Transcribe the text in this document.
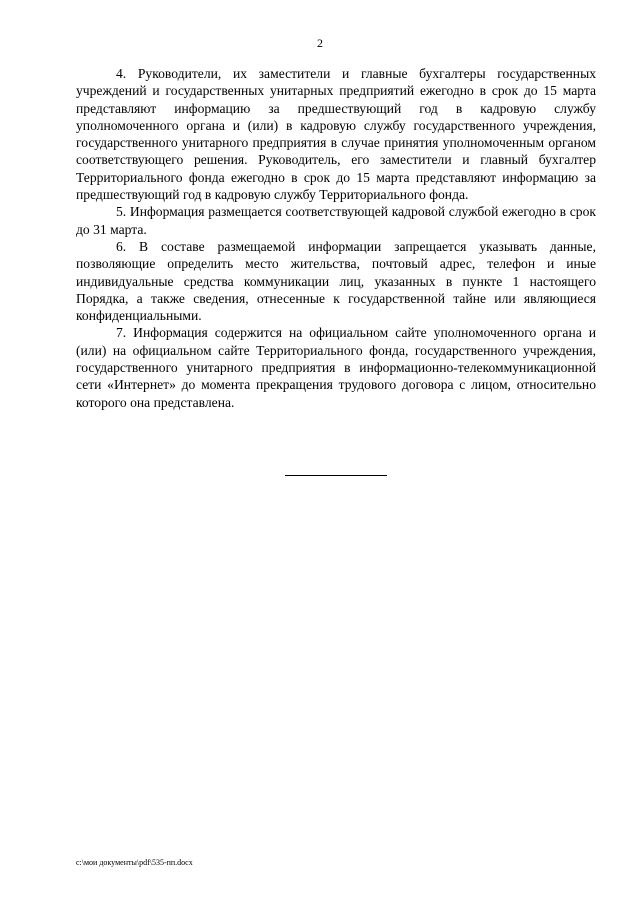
2

4. Руководители, их заместители и главные бухгалтеры государственных учреждений и государственных унитарных предприятий ежегодно в срок до 15 марта представляют информацию за предшествующий год в кадровую службу уполномоченного органа и (или) в кадровую службу государственного учреждения, государственного унитарного предприятия в случае принятия уполномоченным органом соответствующего решения. Руководитель, его заместители и главный бухгалтер Территориального фонда ежегодно в срок до 15 марта представляют информацию за предшествующий год в кадровую службу Территориального фонда.

5. Информация размещается соответствующей кадровой службой ежегодно в срок до 31 марта.

6. В составе размещаемой информации запрещается указывать данные, позволяющие определить место жительства, почтовый адрес, телефон и иные индивидуальные средства коммуникации лиц, указанных в пункте 1 настоящего Порядка, а также сведения, отнесенные к государственной тайне или являющиеся конфиденциальными.

7. Информация содержится на официальном сайте уполномоченного органа и (или) на официальном сайте Территориального фонда, государственного учреждения, государственного унитарного предприятия в информационно-телекоммуникационной сети «Интернет» до момента прекращения трудового договора с лицом, относительно которого она представлена.

c:\мои документы\pdf\535-пп.docx
